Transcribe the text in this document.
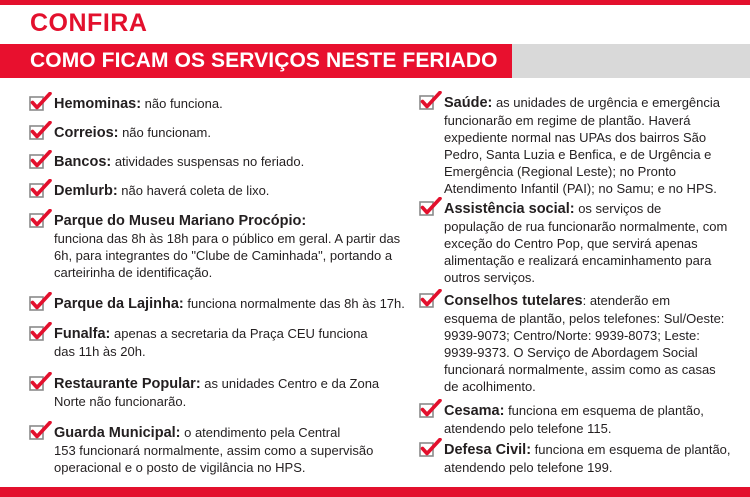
CONFIRA
COMO FICAM OS SERVIÇOS NESTE FERIADO
Hemominas: não funciona.
Correios: não funcionam.
Bancos: atividades suspensas no feriado.
Demlurb: não haverá coleta de lixo.
Parque do Museu Mariano Procópio:
funciona das 8h às 18h para o público em geral. A partir das
6h, para integrantes do "Clube de Caminhada", portando a
carteirinha de identificação.
Parque da Lajinha: funciona normalmente das 8h às 17h.
Funalfa: apenas a secretaria da Praça CEU funciona
das 11h às 20h.
Restaurante Popular: as unidades Centro e da Zona
Norte não funcionarão.
Guarda Municipal: o atendimento pela Central
153 funcionará normalmente, assim como a supervisão
operacional e o posto de vigilância no HPS.
Saúde: as unidades de urgência e emergência
funcionarão em regime de plantão. Haverá
expediente normal nas UPAs dos bairros São
Pedro, Santa Luzia e Benfica, e de Urgência e
Emergência (Regional Leste); no Pronto
Atendimento Infantil (PAI); no Samu; e no HPS.
Assistência social: os serviços de
população de rua funcionarão normalmente, com
exceção do Centro Pop, que servirá apenas
alimentação e realizará encaminhamento para
outros serviços.
Conselhos tutelares: atenderão em
esquema de plantão, pelos telefones: Sul/Oeste:
9939-9073; Centro/Norte: 9939-8073; Leste:
9939-9373. O Serviço de Abordagem Social
funcionará normalmente, assim como as casas
de acolhimento.
Cesama: funciona em esquema de plantão,
atendendo pelo telefone 115.
Defesa Civil: funciona em esquema de plantão,
atendendo pelo telefone 199.
